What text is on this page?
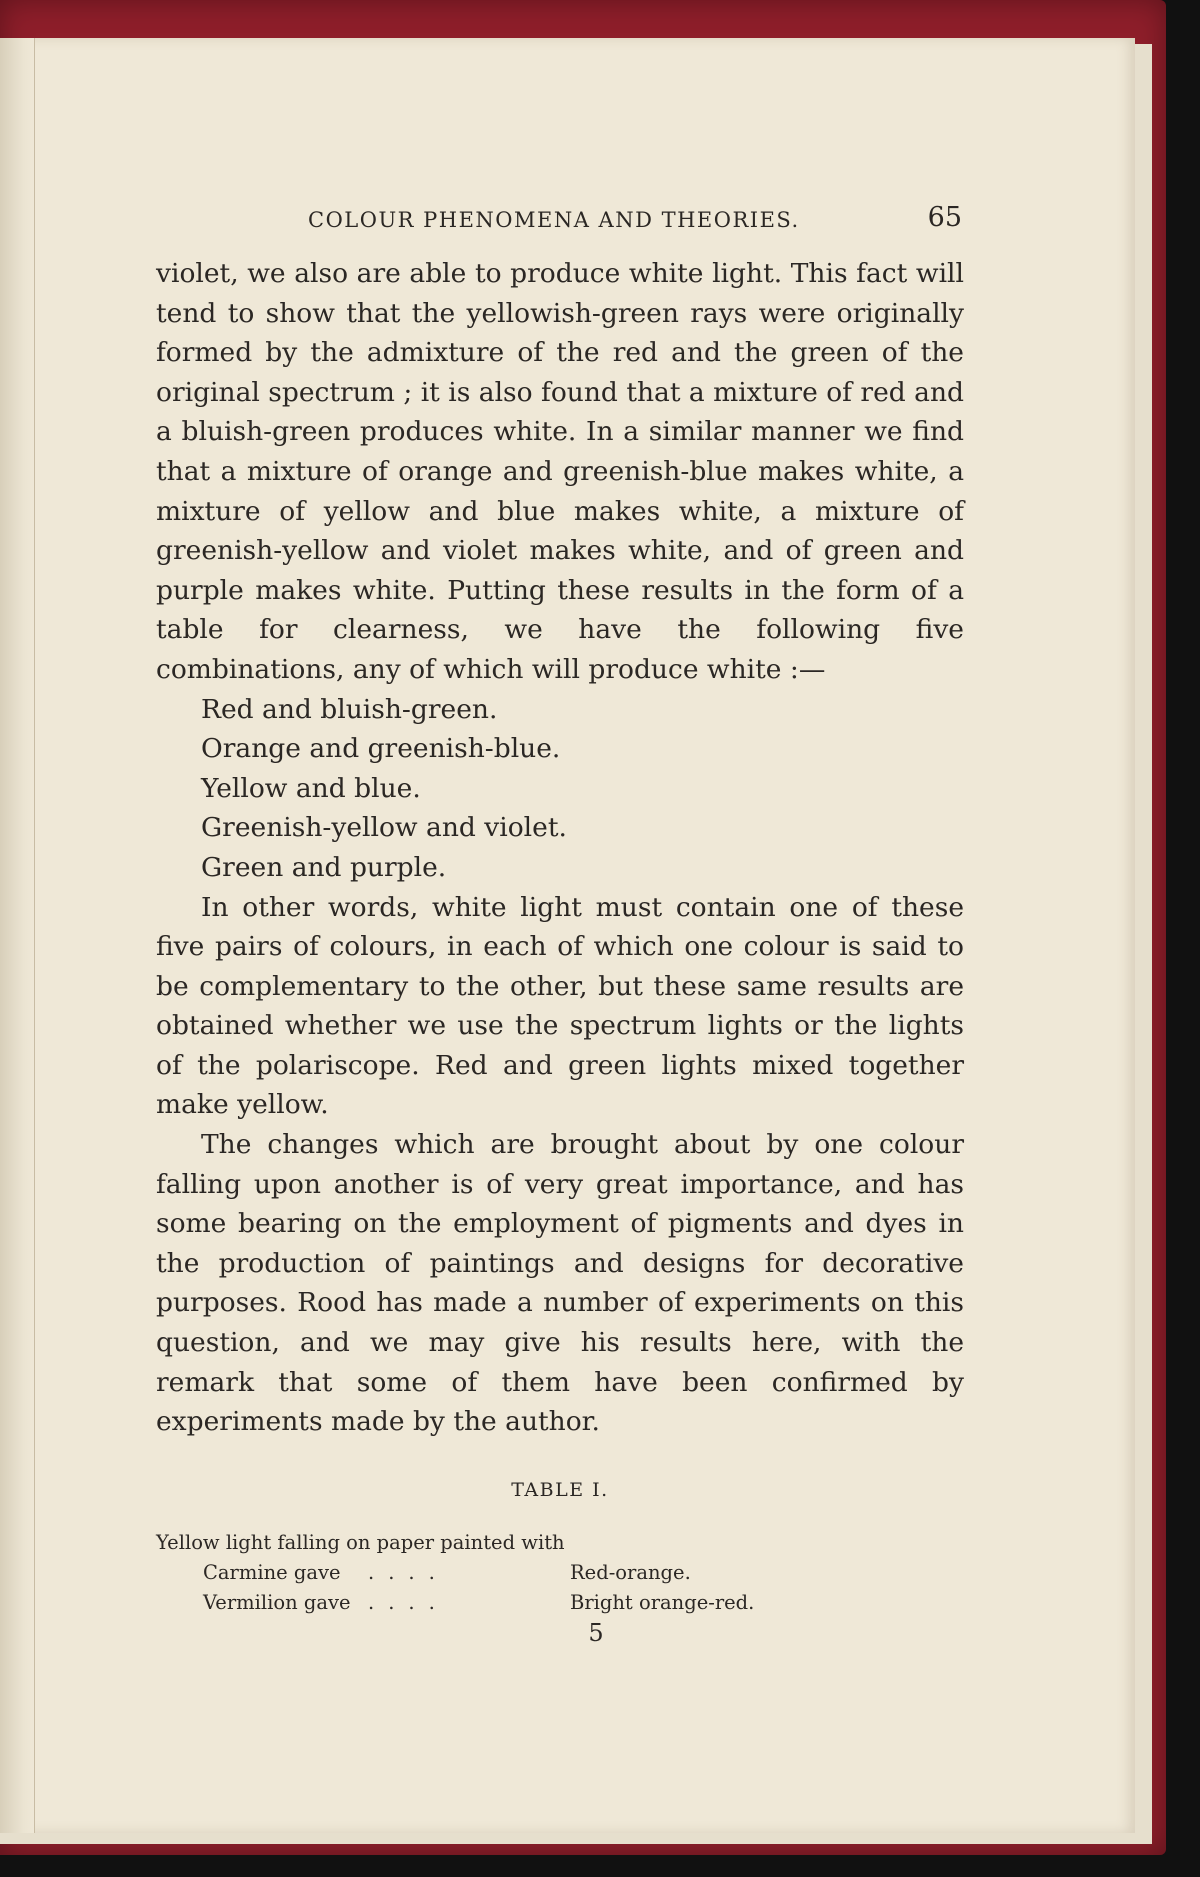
COLOUR PHENOMENA AND THEORIES.	65

violet, we also are able to produce white light. This fact will tend to show that the yellowish-green rays were originally formed by the admixture of the red and the green of the original spectrum ; it is also found that a mixture of red and a bluish-green produces white. In a similar manner we find that a mixture of orange and greenish-blue makes white, a mixture of yellow and blue makes white, a mixture of greenish-yellow and violet makes white, and of green and purple makes white. Putting these results in the form of a table for clearness, we have the following five combinations, any of which will produce white :—

Red and bluish-green.
Orange and greenish-blue.
Yellow and blue.
Greenish-yellow and violet.
Green and purple.

In other words, white light must contain one of these five pairs of colours, in each of which one colour is said to be complementary to the other, but these same results are obtained whether we use the spectrum lights or the lights of the polariscope. Red and green lights mixed together make yellow.

The changes which are brought about by one colour falling upon another is of very great importance, and has some bearing on the employment of pigments and dyes in the production of paintings and designs for decorative purposes. Rood has made a number of experiments on this question, and we may give his results here, with the remark that some of them have been confirmed by experiments made by the author.

TABLE I.
Yellow light falling on paper painted with
Carmine gave ....	Red-orange.
Vermilion gave ....	Bright orange-red.
5
